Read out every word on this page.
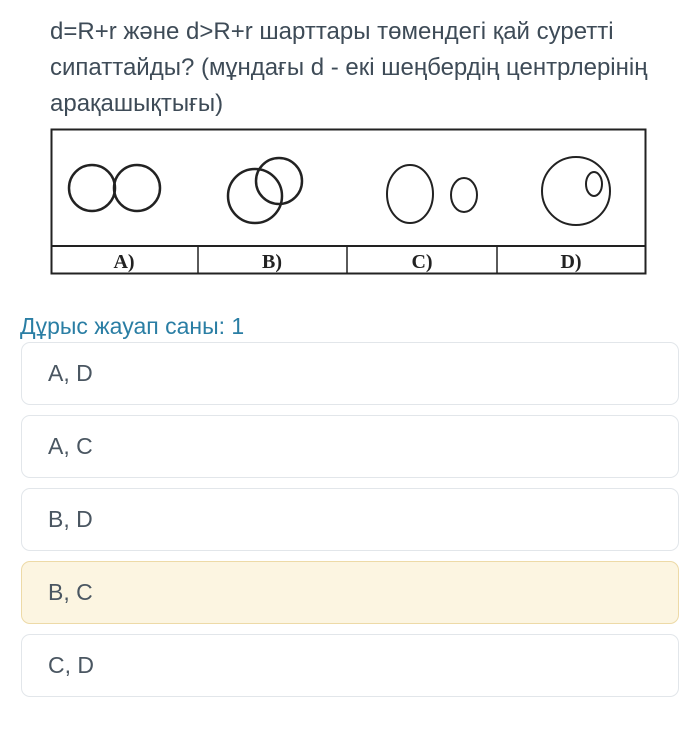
d=R+r және d>R+r шарттары төмендегі қай суретті сипаттайды? (мұндағы d - екі шеңбердің центрлерінің арақашықтығы)

A)	B)	C)	D)
Дұрыс жауап саны: 1
A, D
A, C
B, D
B, C
C, D
